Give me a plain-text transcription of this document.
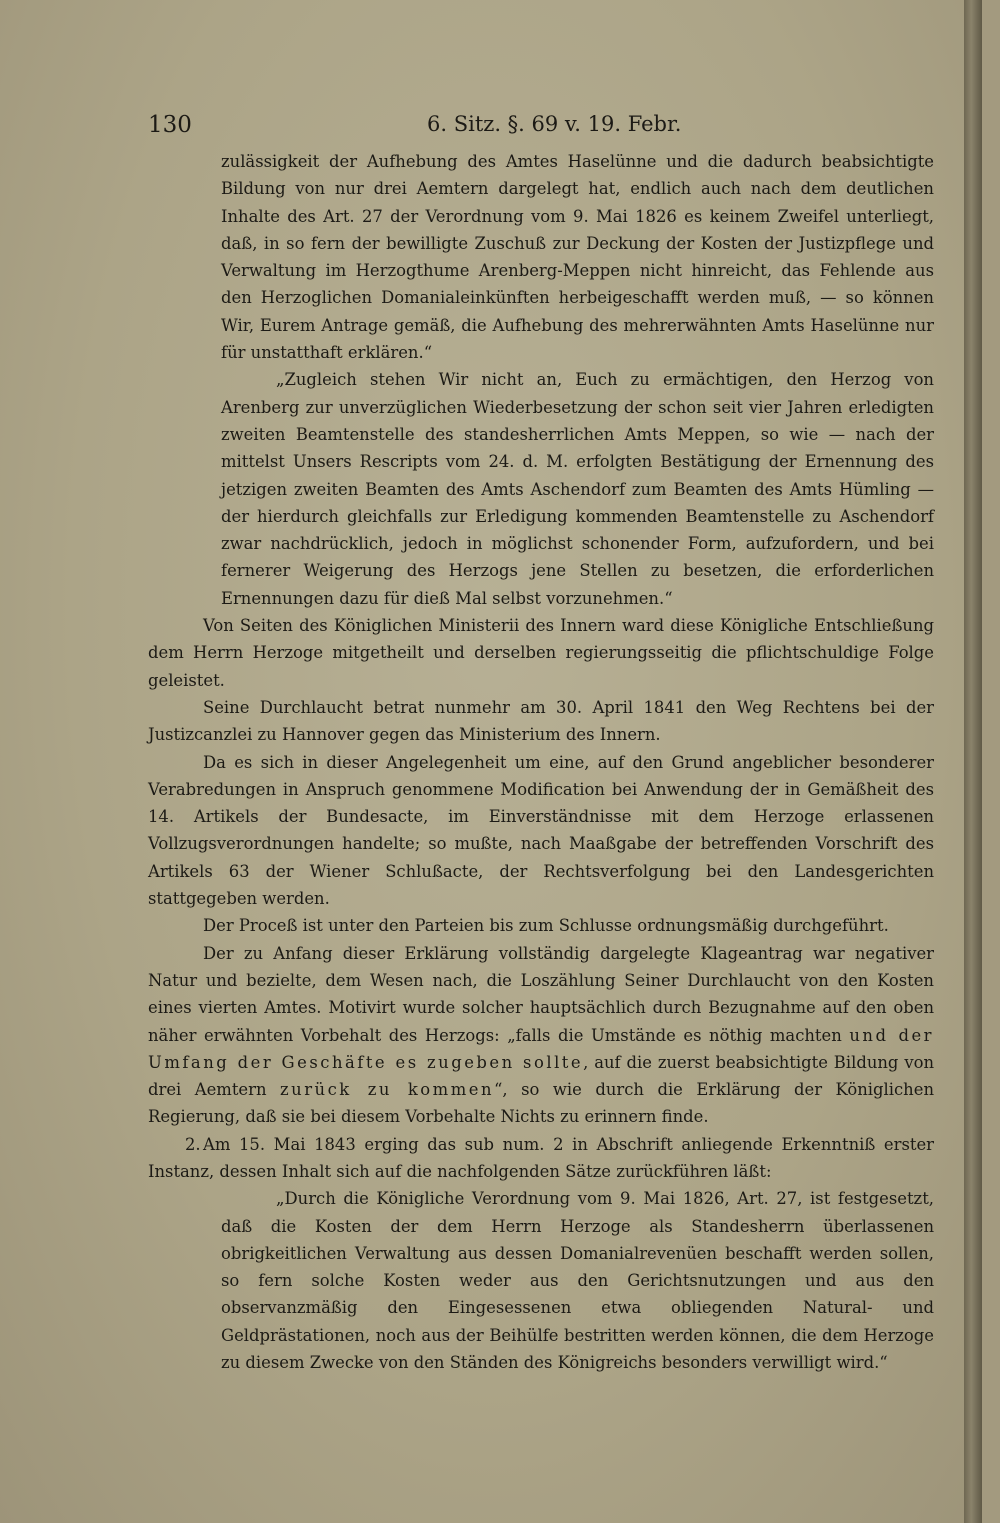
130	6. Sitz. §. 69 v. 19. Febr.

zulässigkeit der Aufhebung des Amtes Haselünne und die dadurch beabsichtigte Bildung von nur drei Aemtern dargelegt hat, endlich auch nach dem deutlichen Inhalte des Art. 27 der Verordnung vom 9. Mai 1826 es keinem Zweifel unterliegt, daß, in so fern der bewilligte Zuschuß zur Deckung der Kosten der Justizpflege und Verwaltung im Herzogthume Arenberg-Meppen nicht hinreicht, das Fehlende aus den Herzoglichen Domanialeinkünften herbeigeschafft werden muß, — so können Wir, Eurem Antrage gemäß, die Aufhebung des mehrerwähnten Amts Haselünne nur für unstatthaft erklären.“

„Zugleich stehen Wir nicht an, Euch zu ermächtigen, den Herzog von Arenberg zur unverzüglichen Wiederbesetzung der schon seit vier Jahren erledigten zweiten Beamtenstelle des standesherrlichen Amts Meppen, so wie — nach der mittelst Unsers Rescripts vom 24. d. M. erfolgten Bestätigung der Ernennung des jetzigen zweiten Beamten des Amts Aschendorf zum Beamten des Amts Hümling — der hierdurch gleichfalls zur Erledigung kommenden Beamtenstelle zu Aschendorf zwar nachdrücklich, jedoch in möglichst schonender Form, aufzufordern, und bei fernerer Weigerung des Herzogs jene Stellen zu besetzen, die erforderlichen Ernennungen dazu für dieß Mal selbst vorzunehmen.“

Von Seiten des Königlichen Ministerii des Innern ward diese Königliche Entschließung dem Herrn Herzoge mitgetheilt und derselben regierungsseitig die pflichtschuldige Folge geleistet.

Seine Durchlaucht betrat nunmehr am 30. April 1841 den Weg Rechtens bei der Justizcanzlei zu Hannover gegen das Ministerium des Innern.

Da es sich in dieser Angelegenheit um eine, auf den Grund angeblicher besonderer Verabredungen in Anspruch genommene Modification bei Anwendung der in Gemäßheit des 14. Artikels der Bundesacte, im Einverständnisse mit dem Herzoge erlassenen Vollzugsverordnungen handelte; so mußte, nach Maaßgabe der betreffenden Vorschrift des Artikels 63 der Wiener Schlußacte, der Rechtsverfolgung bei den Landesgerichten stattgegeben werden.

Der Proceß ist unter den Parteien bis zum Schlusse ordnungsmäßig durchgeführt.

Der zu Anfang dieser Erklärung vollständig dargelegte Klageantrag war negativer Natur und bezielte, dem Wesen nach, die Loszählung Seiner Durchlaucht von den Kosten eines vierten Amtes. Motivirt wurde solcher hauptsächlich durch Bezugnahme auf den oben näher erwähnten Vorbehalt des Herzogs: „falls die Umstände es nöthig machten und der Umfang der Geschäfte es zugeben sollte, auf die zuerst beabsichtigte Bildung von drei Aemtern zurück zu kommen“, so wie durch die Erklärung der Königlichen Regierung, daß sie bei diesem Vorbehalte Nichts zu erinnern finde.

2. Am 15. Mai 1843 erging das sub num. 2 in Abschrift anliegende Erkenntniß erster Instanz, dessen Inhalt sich auf die nachfolgenden Sätze zurückführen läßt:

„Durch die Königliche Verordnung vom 9. Mai 1826, Art. 27, ist festgesetzt, daß die Kosten der dem Herrn Herzoge als Standesherrn überlassenen obrigkeitlichen Verwaltung aus dessen Domanialrevenüen beschafft werden sollen, so fern solche Kosten weder aus den Gerichtsnutzungen und aus den observanzmäßig den Eingesessenen etwa obliegenden Natural- und Geldprästationen, noch aus der Beihülfe bestritten werden können, die dem Herzoge zu diesem Zwecke von den Ständen des Königreichs besonders verwilligt wird.“
